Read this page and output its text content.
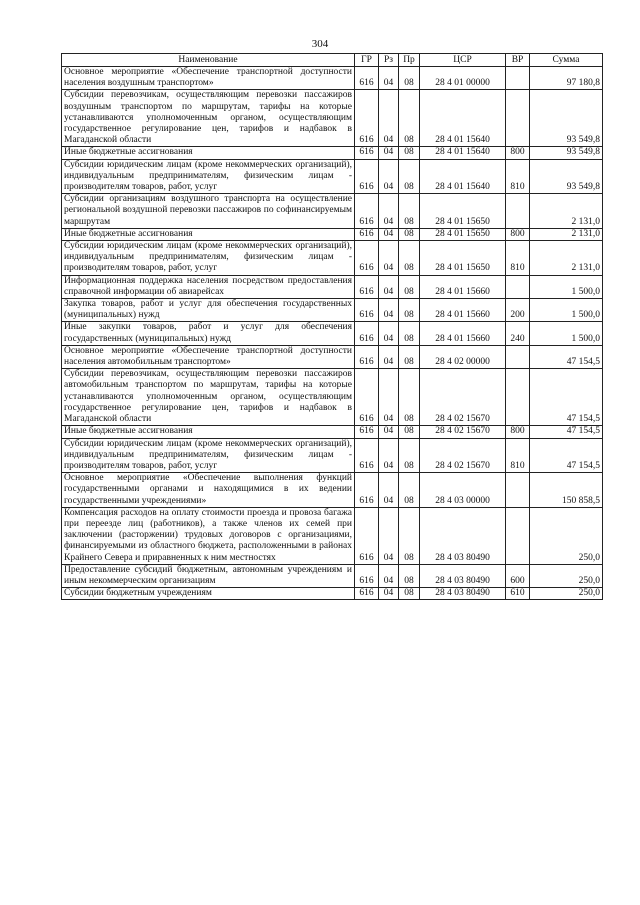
304
Наименование	ГР	Рз	Пр	ЦСР	ВР	Сумма
Основное мероприятие «Обеспечение транспортной доступности населения воздушным транспортом»	616	04	08	28 4 01 00000		97 180,8
Субсидии перевозчикам, осуществляющим перевозки пассажиров воздушным транспортом по маршрутам, тарифы на которые устанавливаются уполномоченным органом, осуществляющим государственное регулирование цен, тарифов и надбавок в Магаданской области	616	04	08	28 4 01 15640		93 549,8
Иные бюджетные ассигнования	616	04	08	28 4 01 15640	800	93 549,8
Субсидии юридическим лицам (кроме некоммерческих организаций), индивидуальным предпринимателям, физическим лицам - производителям товаров, работ, услуг	616	04	08	28 4 01 15640	810	93 549,8
Субсидии организациям воздушного транспорта на осуществление региональной воздушной перевозки пассажиров по софинансируемым маршрутам	616	04	08	28 4 01 15650		2 131,0
Иные бюджетные ассигнования	616	04	08	28 4 01 15650	800	2 131,0
Субсидии юридическим лицам (кроме некоммерческих организаций), индивидуальным предпринимателям, физическим лицам - производителям товаров, работ, услуг	616	04	08	28 4 01 15650	810	2 131,0
Информационная поддержка населения посредством предоставления справочной информации об авиарейсах	616	04	08	28 4 01 15660		1 500,0
Закупка товаров, работ и услуг для обеспечения государственных (муниципальных) нужд	616	04	08	28 4 01 15660	200	1 500,0
Иные закупки товаров, работ и услуг для обеспечения государственных (муниципальных) нужд	616	04	08	28 4 01 15660	240	1 500,0
Основное мероприятие «Обеспечение транспортной доступности населения автомобильным транспортом»	616	04	08	28 4 02 00000		47 154,5
Субсидии перевозчикам, осуществляющим перевозки пассажиров автомобильным транспортом по маршрутам, тарифы на которые устанавливаются уполномоченным органом, осуществляющим государственное регулирование цен, тарифов и надбавок в Магаданской области	616	04	08	28 4 02 15670		47 154,5
Иные бюджетные ассигнования	616	04	08	28 4 02 15670	800	47 154,5
Субсидии юридическим лицам (кроме некоммерческих организаций), индивидуальным предпринимателям, физическим лицам - производителям товаров, работ, услуг	616	04	08	28 4 02 15670	810	47 154,5
Основное мероприятие «Обеспечение выполнения функций государственными органами и находящимися в их ведении государственными учреждениями»	616	04	08	28 4 03 00000		150 858,5
Компенсация расходов на оплату стоимости проезда и провоза багажа при переезде лиц (работников), а также членов их семей при заключении (расторжении) трудовых договоров с организациями, финансируемыми из областного бюджета, расположенными в районах Крайнего Севера и приравненных к ним местностях	616	04	08	28 4 03 80490		250,0
Предоставление субсидий бюджетным, автономным учреждениям и иным некоммерческим организациям	616	04	08	28 4 03 80490	600	250,0
Субсидии бюджетным учреждениям	616	04	08	28 4 03 80490	610	250,0
